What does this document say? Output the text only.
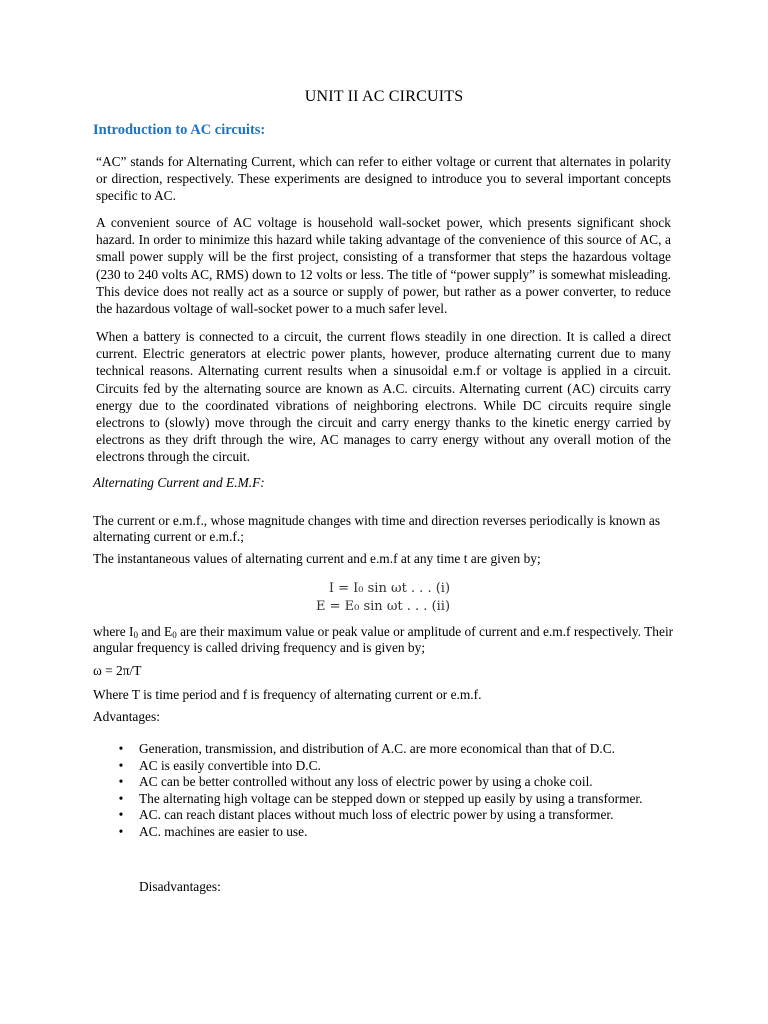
UNIT II AC CIRCUITS
Introduction to AC circuits:
“AC” stands for Alternating Current, which can refer to either voltage or current that alternates in polarity or direction, respectively. These experiments are designed to introduce you to several important concepts specific to AC.
A convenient source of AC voltage is household wall-socket power, which presents significant shock hazard. In order to minimize this hazard while taking advantage of the convenience of this source of AC, a small power supply will be the first project, consisting of a transformer that steps the hazardous voltage (230 to 240 volts AC, RMS) down to 12 volts or less. The title of “power supply” is somewhat misleading. This device does not really act as a source or supply of power, but rather as a power converter, to reduce the hazardous voltage of wall-socket power to a much safer level.
When a battery is connected to a circuit, the current flows steadily in one direction. It is called a direct current. Electric generators at electric power plants, however, produce alternating current due to many technical reasons. Alternating current results when a sinusoidal e.m.f or voltage is applied in a circuit. Circuits fed by the alternating source are known as A.C. circuits. Alternating current (AC) circuits carry energy due to the coordinated vibrations of neighboring electrons. While DC circuits require single electrons to (slowly) move through the circuit and carry energy thanks to the kinetic energy carried by electrons as they drift through the wire, AC manages to carry energy without any overall motion of the electrons through the circuit.
Alternating Current and E.M.F:
The current or e.m.f., whose magnitude changes with time and direction reverses periodically is known as alternating current or e.m.f.;
The instantaneous values of alternating current and e.m.f at any time t are given by;
I = I₀ sin ωt . . . (i)
E = E₀ sin ωt . . . (ii)
where $I_0$ and $E_0$ are their maximum value or peak value or amplitude of current and e.m.f respectively. Their angular frequency is called driving frequency and is given by;
ω = 2π/T
Where T is time period and f is frequency of alternating current or e.m.f.
Advantages:
• Generation, transmission, and distribution of A.C. are more economical than that of D.C.
• AC is easily convertible into D.C.
• AC can be better controlled without any loss of electric power by using a choke coil.
• The alternating high voltage can be stepped down or stepped up easily by using a transformer.
• AC. can reach distant places without much loss of electric power by using a transformer.
• AC. machines are easier to use.
Disadvantages:
